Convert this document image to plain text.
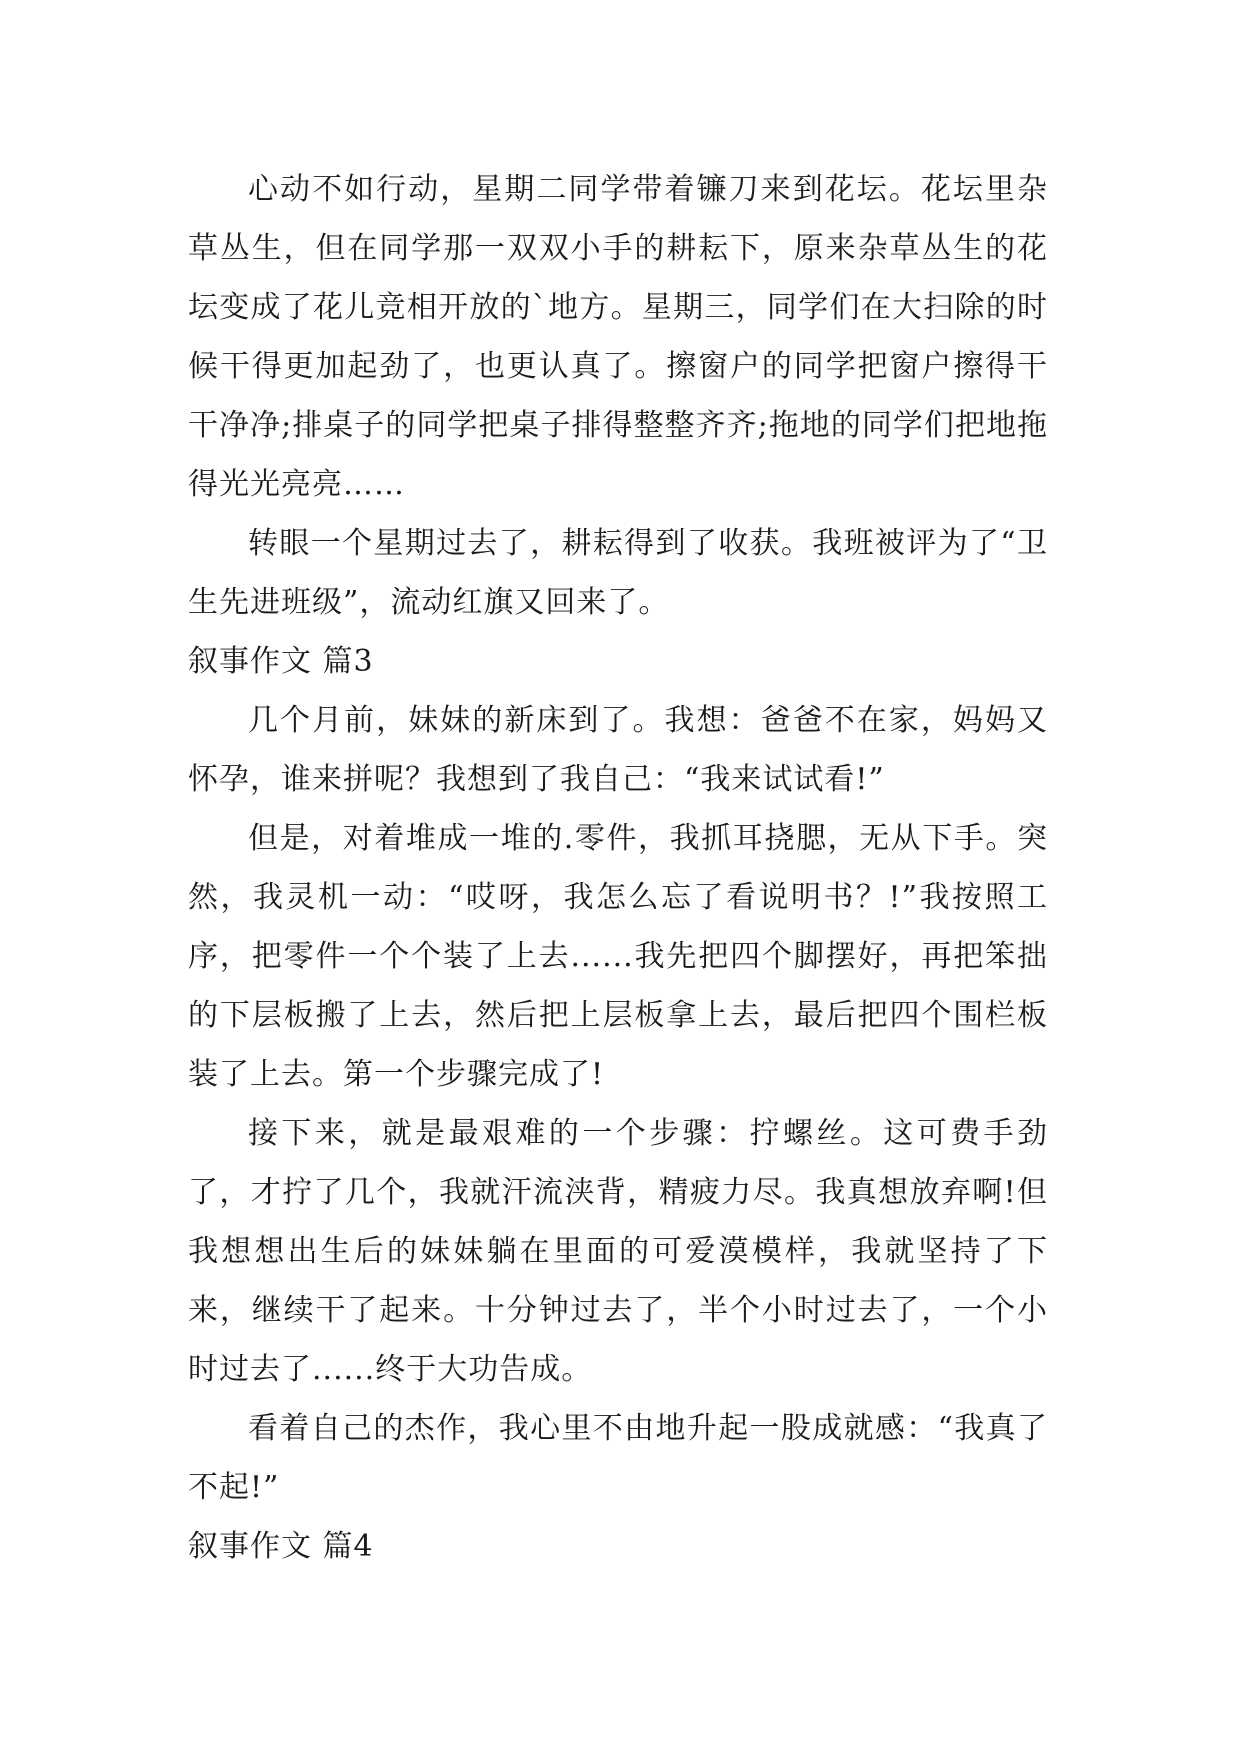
心动不如行动，星期二同学带着镰刀来到花坛。花坛里杂草丛生，但在同学那一双双小手的耕耘下，原来杂草丛生的花坛变成了花儿竞相开放的`地方。星期三，同学们在大扫除的时候干得更加起劲了，也更认真了。擦窗户的同学把窗户擦得干干净净;排桌子的同学把桌子排得整整齐齐;拖地的同学们把地拖得光光亮亮……

转眼一个星期过去了，耕耘得到了收获。我班被评为了“卫生先进班级”，流动红旗又回来了。

叙事作文 篇3

几个月前，妹妹的新床到了。我想：爸爸不在家，妈妈又怀孕，谁来拼呢？我想到了我自己：“我来试试看!”

但是，对着堆成一堆的.零件，我抓耳挠腮，无从下手。突然，我灵机一动：“哎呀，我怎么忘了看说明书？!”我按照工序，把零件一个个装了上去......我先把四个脚摆好，再把笨拙的下层板搬了上去，然后把上层板拿上去，最后把四个围栏板装了上去。第一个步骤完成了!

接下来，就是最艰难的一个步骤：拧螺丝。这可费手劲了，才拧了几个，我就汗流浃背，精疲力尽。我真想放弃啊!但我想想出生后的妹妹躺在里面的可爱漠模样，我就坚持了下来，继续干了起来。十分钟过去了，半个小时过去了，一个小时过去了......终于大功告成。

看着自己的杰作，我心里不由地升起一股成就感：“我真了不起!”

叙事作文 篇4
